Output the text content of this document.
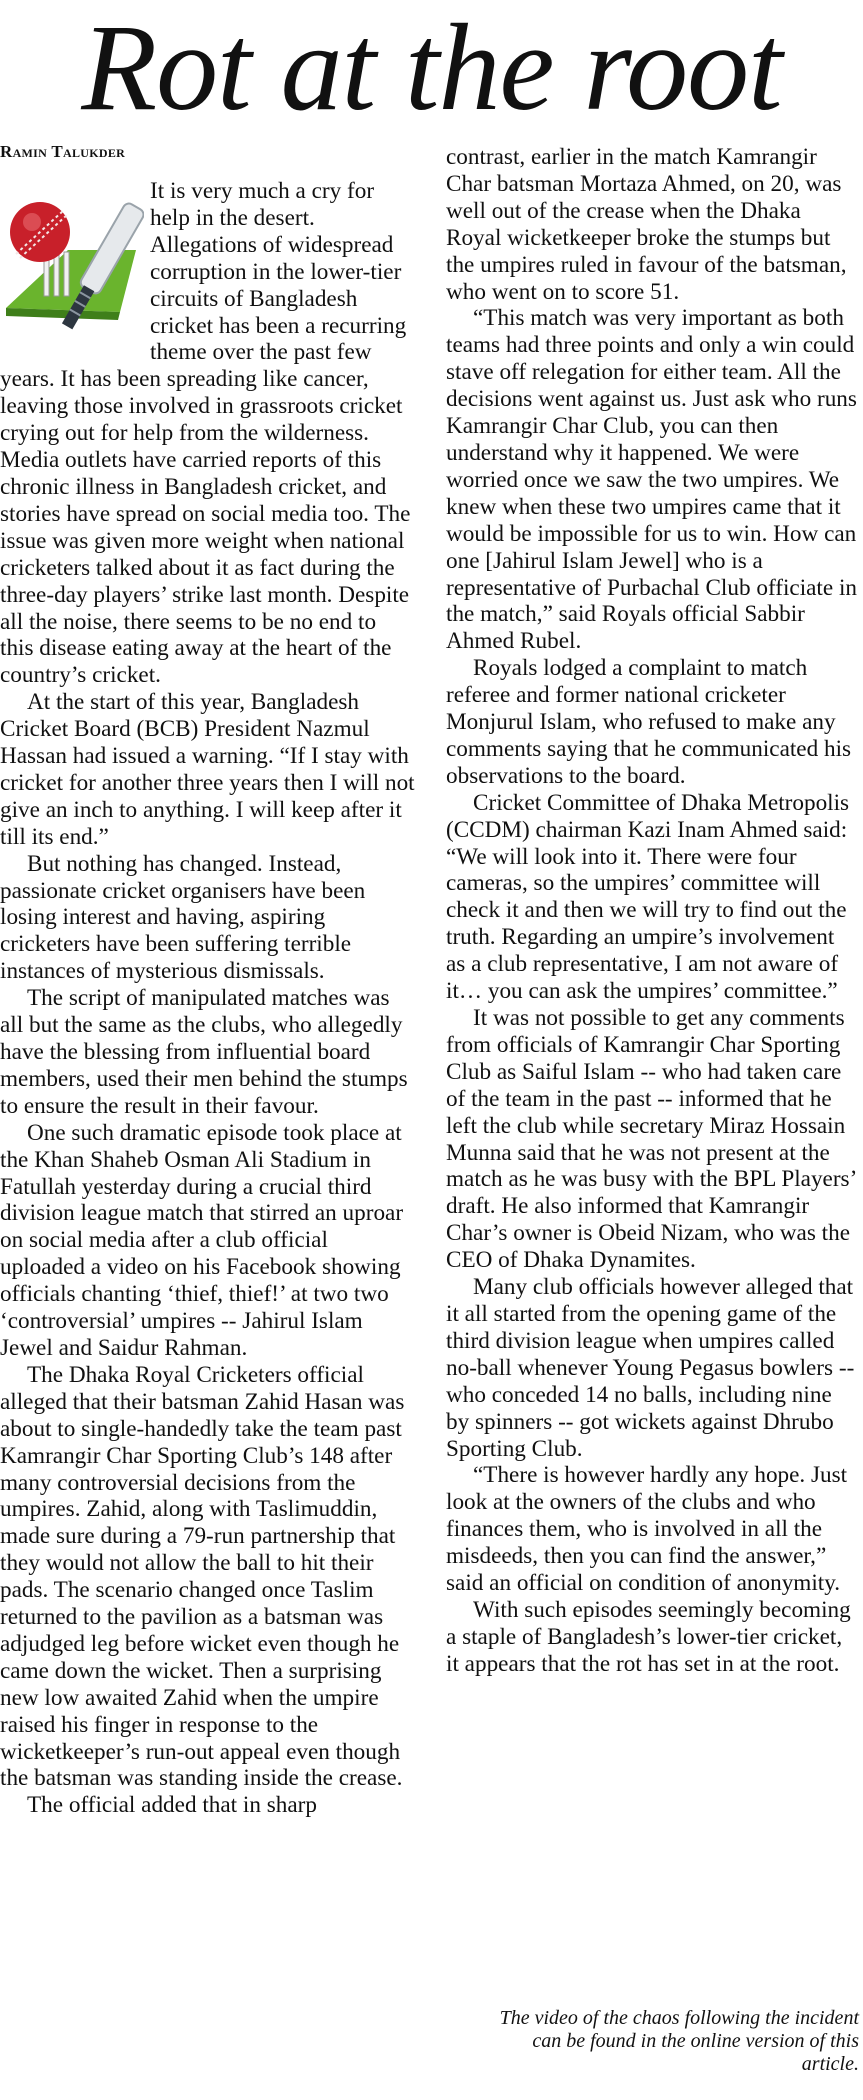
Rot at the root

Ramin Talukder

It is very much a cry for help in the desert. Allegations of widespread corruption in the lower-tier circuits of Bangladesh cricket has been a recurring theme over the past few years. It has been spreading like cancer, leaving those involved in grassroots cricket crying out for help from the wilderness. Media outlets have carried reports of this chronic illness in Bangladesh cricket, and stories have spread on social media too. The issue was given more weight when national cricketers talked about it as fact during the three-day players’ strike last month. Despite all the noise, there seems to be no end to this disease eating away at the heart of the country’s cricket.

At the start of this year, Bangladesh Cricket Board (BCB) President Nazmul Hassan had issued a warning. “If I stay with cricket for another three years then I will not give an inch to anything. I will keep after it till its end.”

But nothing has changed. Instead, passionate cricket organisers have been losing interest and having, aspiring cricketers have been suffering terrible instances of mysterious dismissals.

The script of manipulated matches was all but the same as the clubs, who allegedly have the blessing from influential board members, used their men behind the stumps to ensure the result in their favour.

One such dramatic episode took place at the Khan Shaheb Osman Ali Stadium in Fatullah yesterday during a crucial third division league match that stirred an uproar on social media after a club official uploaded a video on his Facebook showing officials chanting ‘thief, thief!’ at two two ‘controversial’ umpires -- Jahirul Islam Jewel and Saidur Rahman.

The Dhaka Royal Cricketers official alleged that their batsman Zahid Hasan was about to single-handedly take the team past Kamrangir Char Sporting Club’s 148 after many controversial decisions from the umpires. Zahid, along with Taslimuddin, made sure during a 79-run partnership that they would not allow the ball to hit their pads. The scenario changed once Taslim returned to the pavilion as a batsman was adjudged leg before wicket even though he came down the wicket. Then a surprising new low awaited Zahid when the umpire raised his finger in response to the wicketkeeper’s run-out appeal even though the batsman was standing inside the crease.

The official added that in sharp

contrast, earlier in the match Kamrangir Char batsman Mortaza Ahmed, on 20, was well out of the crease when the Dhaka Royal wicketkeeper broke the stumps but the umpires ruled in favour of the batsman, who went on to score 51.

“This match was very important as both teams had three points and only a win could stave off relegation for either team. All the decisions went against us. Just ask who runs Kamrangir Char Club, you can then understand why it happened. We were worried once we saw the two umpires. We knew when these two umpires came that it would be impossible for us to win. How can one [Jahirul Islam Jewel] who is a representative of Purbachal Club officiate in the match,” said Royals official Sabbir Ahmed Rubel.

Royals lodged a complaint to match referee and former national cricketer Monjurul Islam, who refused to make any comments saying that he communicated his observations to the board.

Cricket Committee of Dhaka Metropolis (CCDM) chairman Kazi Inam Ahmed said: “We will look into it. There were four cameras, so the umpires’ committee will check it and then we will try to find out the truth. Regarding an umpire’s involvement as a club representative, I am not aware of it… you can ask the umpires’ committee.”

It was not possible to get any comments from officials of Kamrangir Char Sporting Club as Saiful Islam -- who had taken care of the team in the past -- informed that he left the club while secretary Miraz Hossain Munna said that he was not present at the match as he was busy with the BPL Players’ draft. He also informed that Kamrangir Char’s owner is Obeid Nizam, who was the CEO of Dhaka Dynamites.

Many club officials however alleged that it all started from the opening game of the third division league when umpires called no-ball whenever Young Pegasus bowlers -- who conceded 14 no balls, including nine by spinners -- got wickets against Dhrubo Sporting Club.

“There is however hardly any hope. Just look at the owners of the clubs and who finances them, who is involved in all the misdeeds, then you can find the answer,” said an official on condition of anonymity.

With such episodes seemingly becoming a staple of Bangladesh’s lower-tier cricket, it appears that the rot has set in at the root.

The video of the chaos following the incident can be found in the online version of this article.
